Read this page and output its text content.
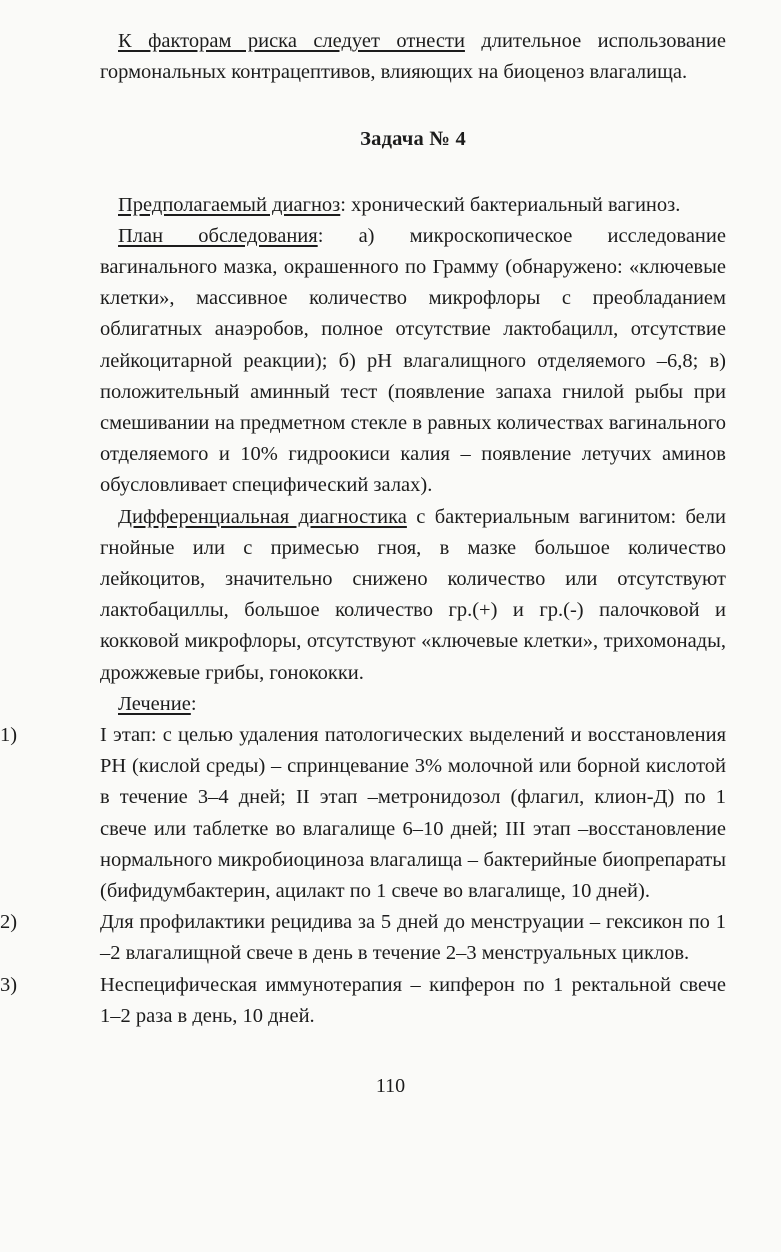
К факторам риска следует отнести длительное использование гормональных контрацептивов, влияющих на биоценоз влагалища.

Задача № 4

Предполагаемый диагноз: хронический бактериальный вагиноз.

План обследования: а) микроскопическое исследование вагинального мазка, окрашенного по Грамму (обнаружено: «ключевые клетки», массивное количество микрофлоры с преобладанием облигатных анаэробов, полное отсутствие лактобацилл, отсутствие лейкоцитарной реакции); б) pH влагалищного отделяемого –6,8; в) положительный аминный тест (появление запаха гнилой рыбы при смешивании на предметном стекле в равных количествах вагинального отделяемого и 10% гидроокиси калия – появление летучих аминов обусловливает специфический залах).

Дифференциальная диагностика с бактериальным вагинитом: бели гнойные или с примесью гноя, в мазке большое количество лейкоцитов, значительно снижено количество или отсутствуют лактобациллы, большое количество гр.(+) и гр.(-) палочковой и кокковой микрофлоры, отсутствуют «ключевые клетки», трихомонады, дрожжевые грибы, гонококки.

Лечение:

1)	I этап: с целью удаления патологических выделений и восстановления PH (кислой среды) – спринцевание 3% молочной или борной кислотой в течение 3–4 дней; II этап –метронидозол (флагил, клион-Д) по 1 свече или таблетке во влагалище 6–10 дней; III этап –восстановление нормального микробиоциноза влагалища – бактерийные биопрепараты (бифидумбактерин, ацилакт по 1 свече во влагалище, 10 дней).
2)	Для профилактики рецидива за 5 дней до менструации – гексикон по 1 –2 влагалищной свече в день в течение 2–3 менструальных циклов.
3)	Неспецифическая иммунотерапия – кипферон по 1 ректальной свече 1–2 раза в день, 10 дней.
110
